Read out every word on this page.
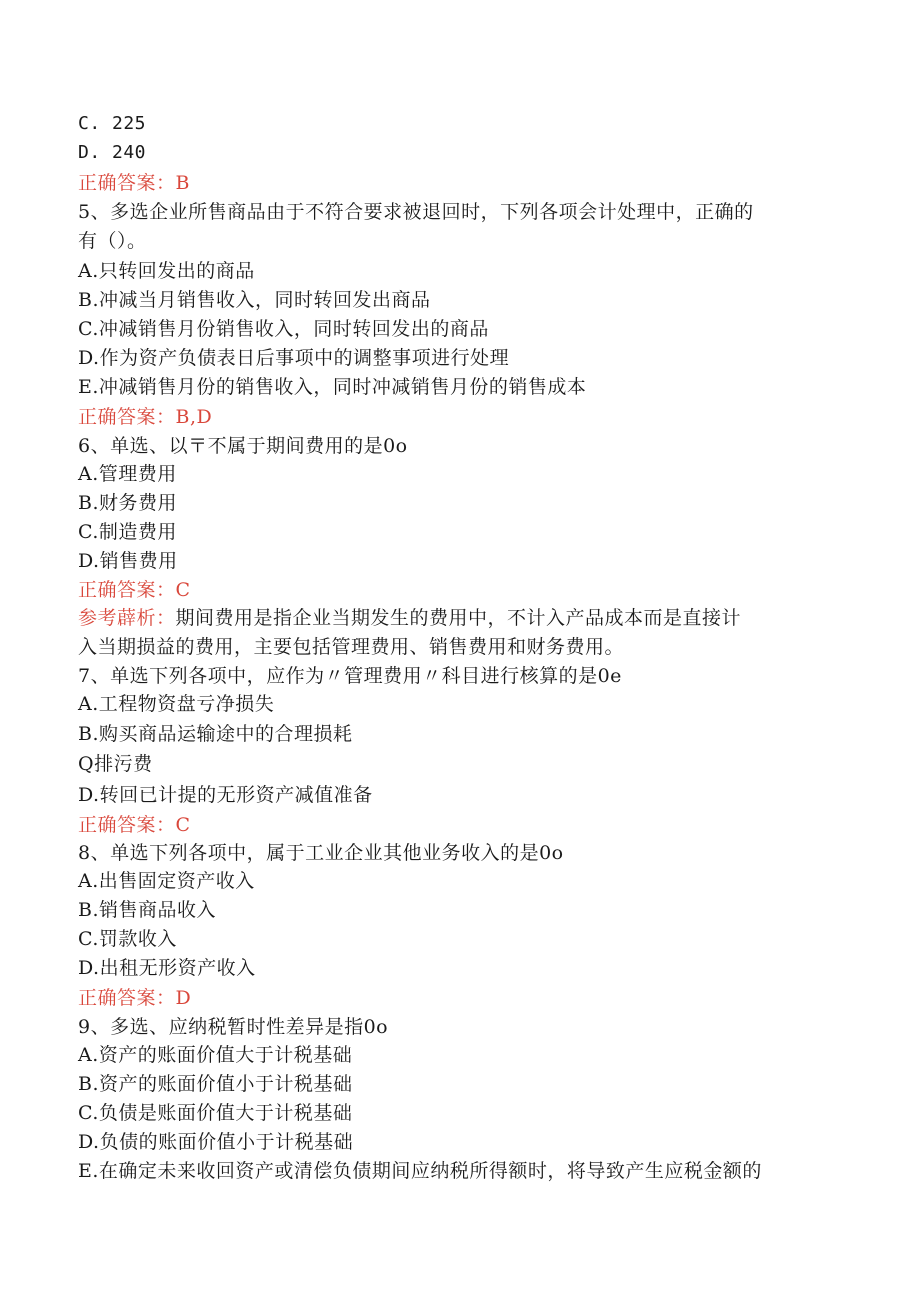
C. 225
D. 240
正确答案：B
5、多选企业所售商品由于不符合要求被退回时，下列各项会计处理中，正确的
有（）。
A.只转回发出的商品
B.冲减当月销售收入，同时转回发出商品
C.冲减销售月份销售收入，同时转回发出的商品
D.作为资产负债表日后事项中的调整事项进行处理
E.冲减销售月份的销售收入，同时冲减销售月份的销售成本
正确答案：B,D
6、单选、以〒不属于期间费用的是0o
A.管理费用
B.财务费用
C.制造费用
D.销售费用
正确答案：C
参考薜析：期间费用是指企业当期发生的费用中，不计入产品成本而是直接计
入当期损益的费用，主要包括管理费用、销售费用和财务费用。
7、单选下列各项中，应作为〃管理费用〃科目进行核算的是0e
A.工程物资盘亏净损失
B.购买商品运输途中的合理损耗
Q排污费
D.转回已计提的无形资产减值准备
正确答案：C
8、单选下列各项中，属于工业企业其他业务收入的是0o
A.出售固定资产收入
B.销售商品收入
C.罚款收入
D.出租无形资产收入
正确答案：D
9、多选、应纳税暂时性差异是指0o
A.资产的账面价值大于计税基础
B.资产的账面价值小于计税基础
C.负债是账面价值大于计税基础
D.负债的账面价值小于计税基础
E.在确定未来收回资产或清偿负债期间应纳税所得额时，将导致产生应税金额的
